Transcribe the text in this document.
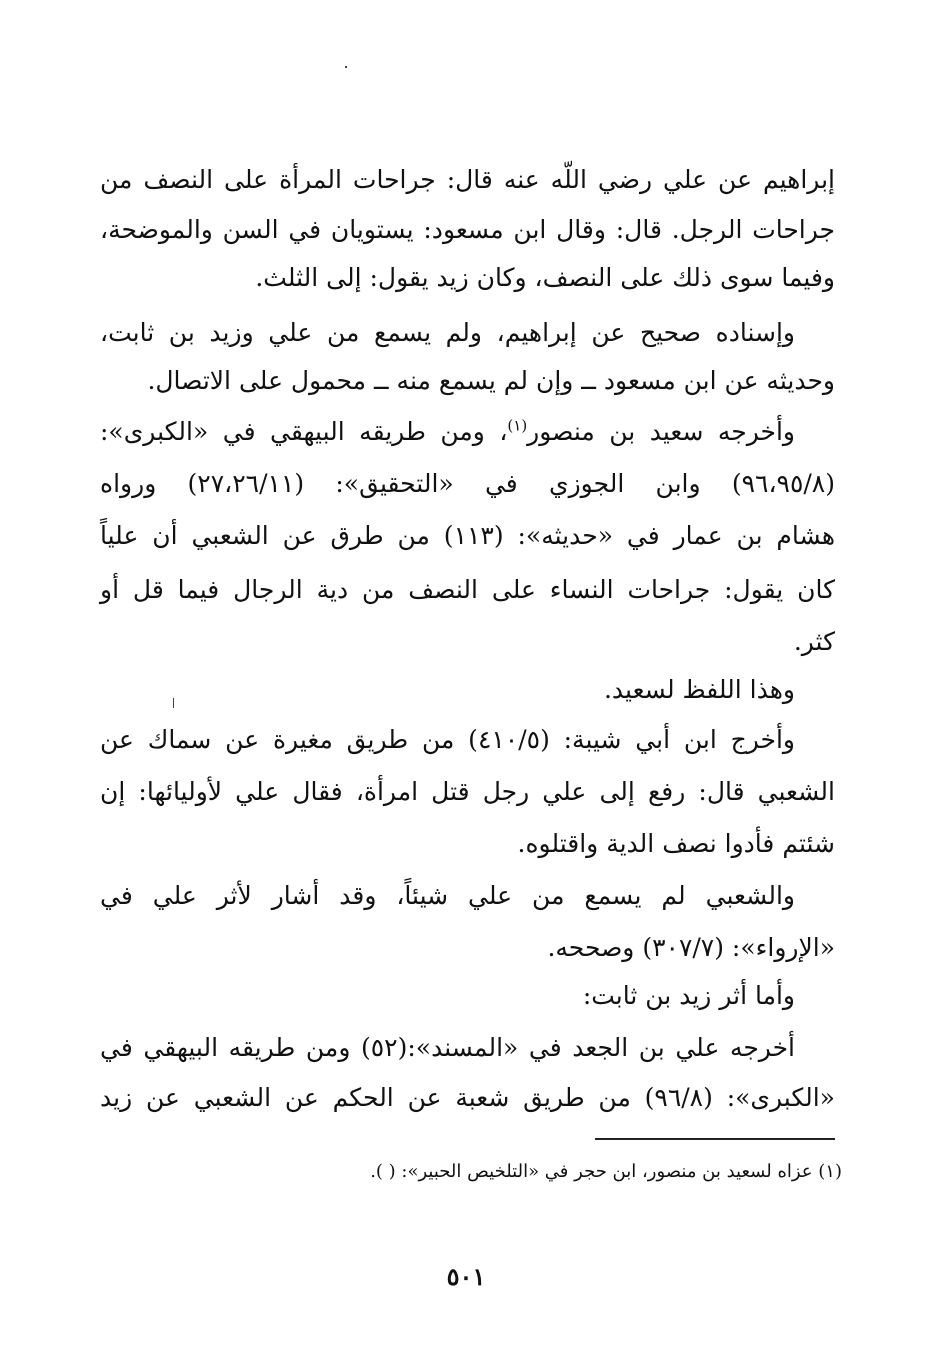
إبراهيم عن علي رضي اللّه عنه قال: جراحات المرأة على النصف من
جراحات الرجل. قال: وقال ابن مسعود: يستويان في السن والموضحة،
وفيما سوى ذلك على النصف، وكان زيد يقول: إلى الثلث.
وإسناده صحيح عن إبراهيم، ولم يسمع من علي وزيد بن ثابت،
وحديثه عن ابن مسعود ــ وإن لم يسمع منه ــ محمول على الاتصال.
وأخرجه سعيد بن منصور$^{(١)}$، ومن طريقه البيهقي في «الكبرى»:
(٩٦،٩٥/٨) وابن الجوزي في «التحقيق»: (٢٧،٢٦/١١) ورواه
هشام بن عمار في «حديثه»: (١١٣) من طرق عن الشعبي أن علياً
كان يقول: جراحات النساء على النصف من دية الرجال فيما قل أو
كثر.
وهذا اللفظ لسعيد.
وأخرج ابن أبي شيبة: (٤١٠/٥) من طريق مغيرة عن سماك عن
الشعبي قال: رفع إلى علي رجل قتل امرأة، فقال علي لأوليائها: إن
شئتم فأدوا نصف الدية واقتلوه.
والشعبي لم يسمع من علي شيئاً، وقد أشار لأثر علي في
«الإرواء»: (٣٠٧/٧) وصححه.
وأما أثر زيد بن ثابت:
أخرجه علي بن الجعد في «المسند»:(٥٢) ومن طريقه البيهقي في
«الكبرى»: (٩٦/٨) من طريق شعبة عن الحكم عن الشعبي عن زيد
(١) عزاه لسعيد بن منصور، ابن حجر في «التلخيص الحبير»: ( ).
٥٠١
